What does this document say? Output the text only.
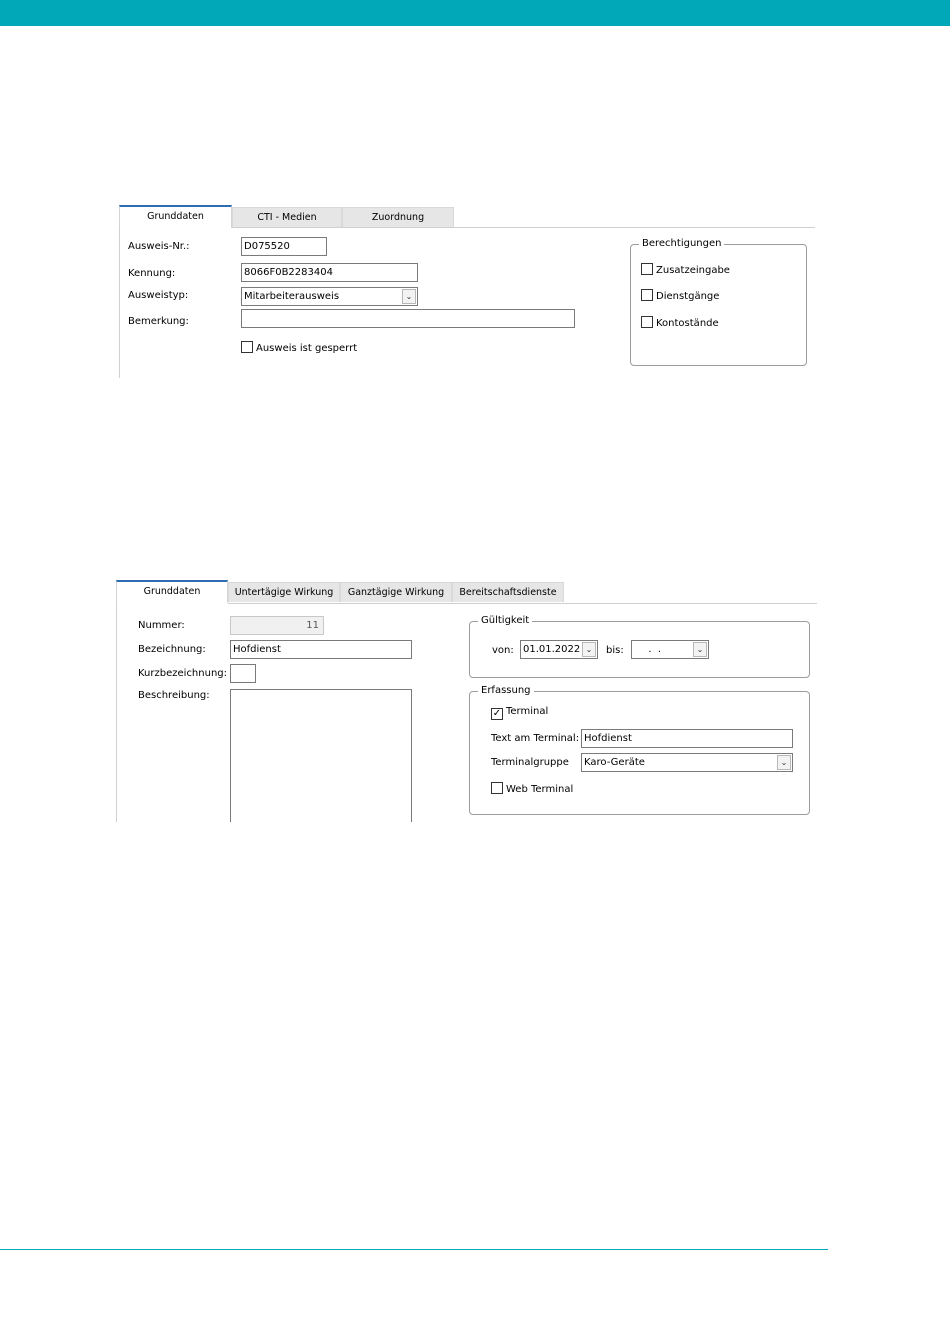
Grunddaten	CTI - Medien	Zuordnung
Ausweis-Nr.:	D075520
Kennung:	8066F0B2283404
Ausweistyp:	Mitarbeiterausweis	⌄
Bemerkung:
Ausweis ist gesperrt
Berechtigungen
Zusatzeingabe
Dienstgänge
Kontostände
Grunddaten	Untertägige Wirkung	Ganztägige Wirkung	Bereitschaftsdienste
Nummer:	11
Bezeichnung:	Hofdienst
Kurzbezeichnung:
Beschreibung:
Gültigkeit
von: 01.01.2022 ⌄	bis:	.  .	⌄
Erfassung
✓ Terminal
Text am Terminal: Hofdienst
Terminalgruppe	Karo-Geräte	⌄
Web Terminal
